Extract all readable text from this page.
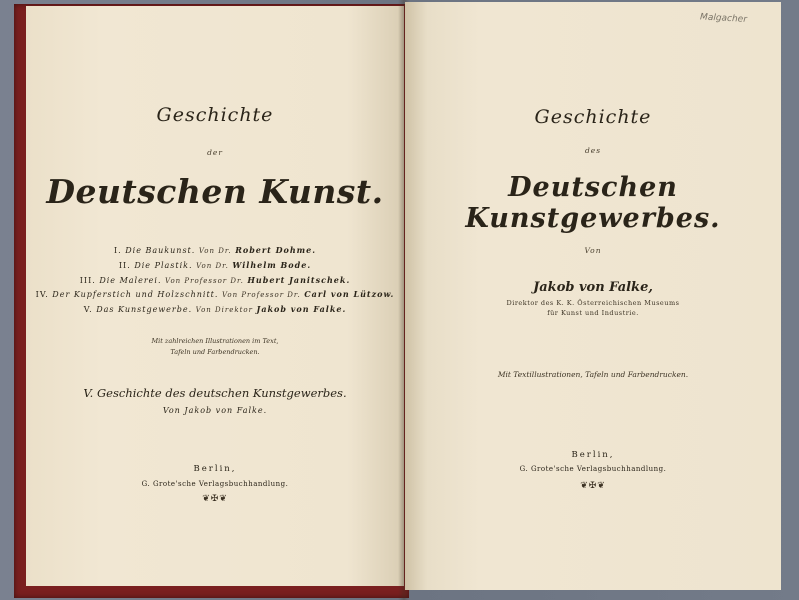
Geschichte
der
Deutschen Kunst.
I. Die Baukunst. Von Dr. Robert Dohme.
II. Die Plastik. Von Dr. Wilhelm Bode.
III. Die Malerei. Von Professor Dr. Hubert Janitschek.
IV. Der Kupferstich und Holzschnitt. Von Professor Dr. Carl von Lützow.
V. Das Kunstgewerbe. Von Direktor Jakob von Falke.
Mit zahlreichen Illustrationen im Text,
Tafeln und Farbendrucken.
V. Geschichte des deutschen Kunstgewerbes.
Von Jakob von Falke.
Berlin,
G. Grote'sche Verlagsbuchhandlung.
❦✠❦
Geschichte
des
Deutschen Kunstgewerbes.
Von
Jakob von Falke,
Direktor des K. K. Österreichischen Museums
für Kunst und Industrie.
Mit Textillustrationen, Tafeln und Farbendrucken.
Berlin,
G. Grote'sche Verlagsbuchhandlung.
❦✠❦
Malgacher
